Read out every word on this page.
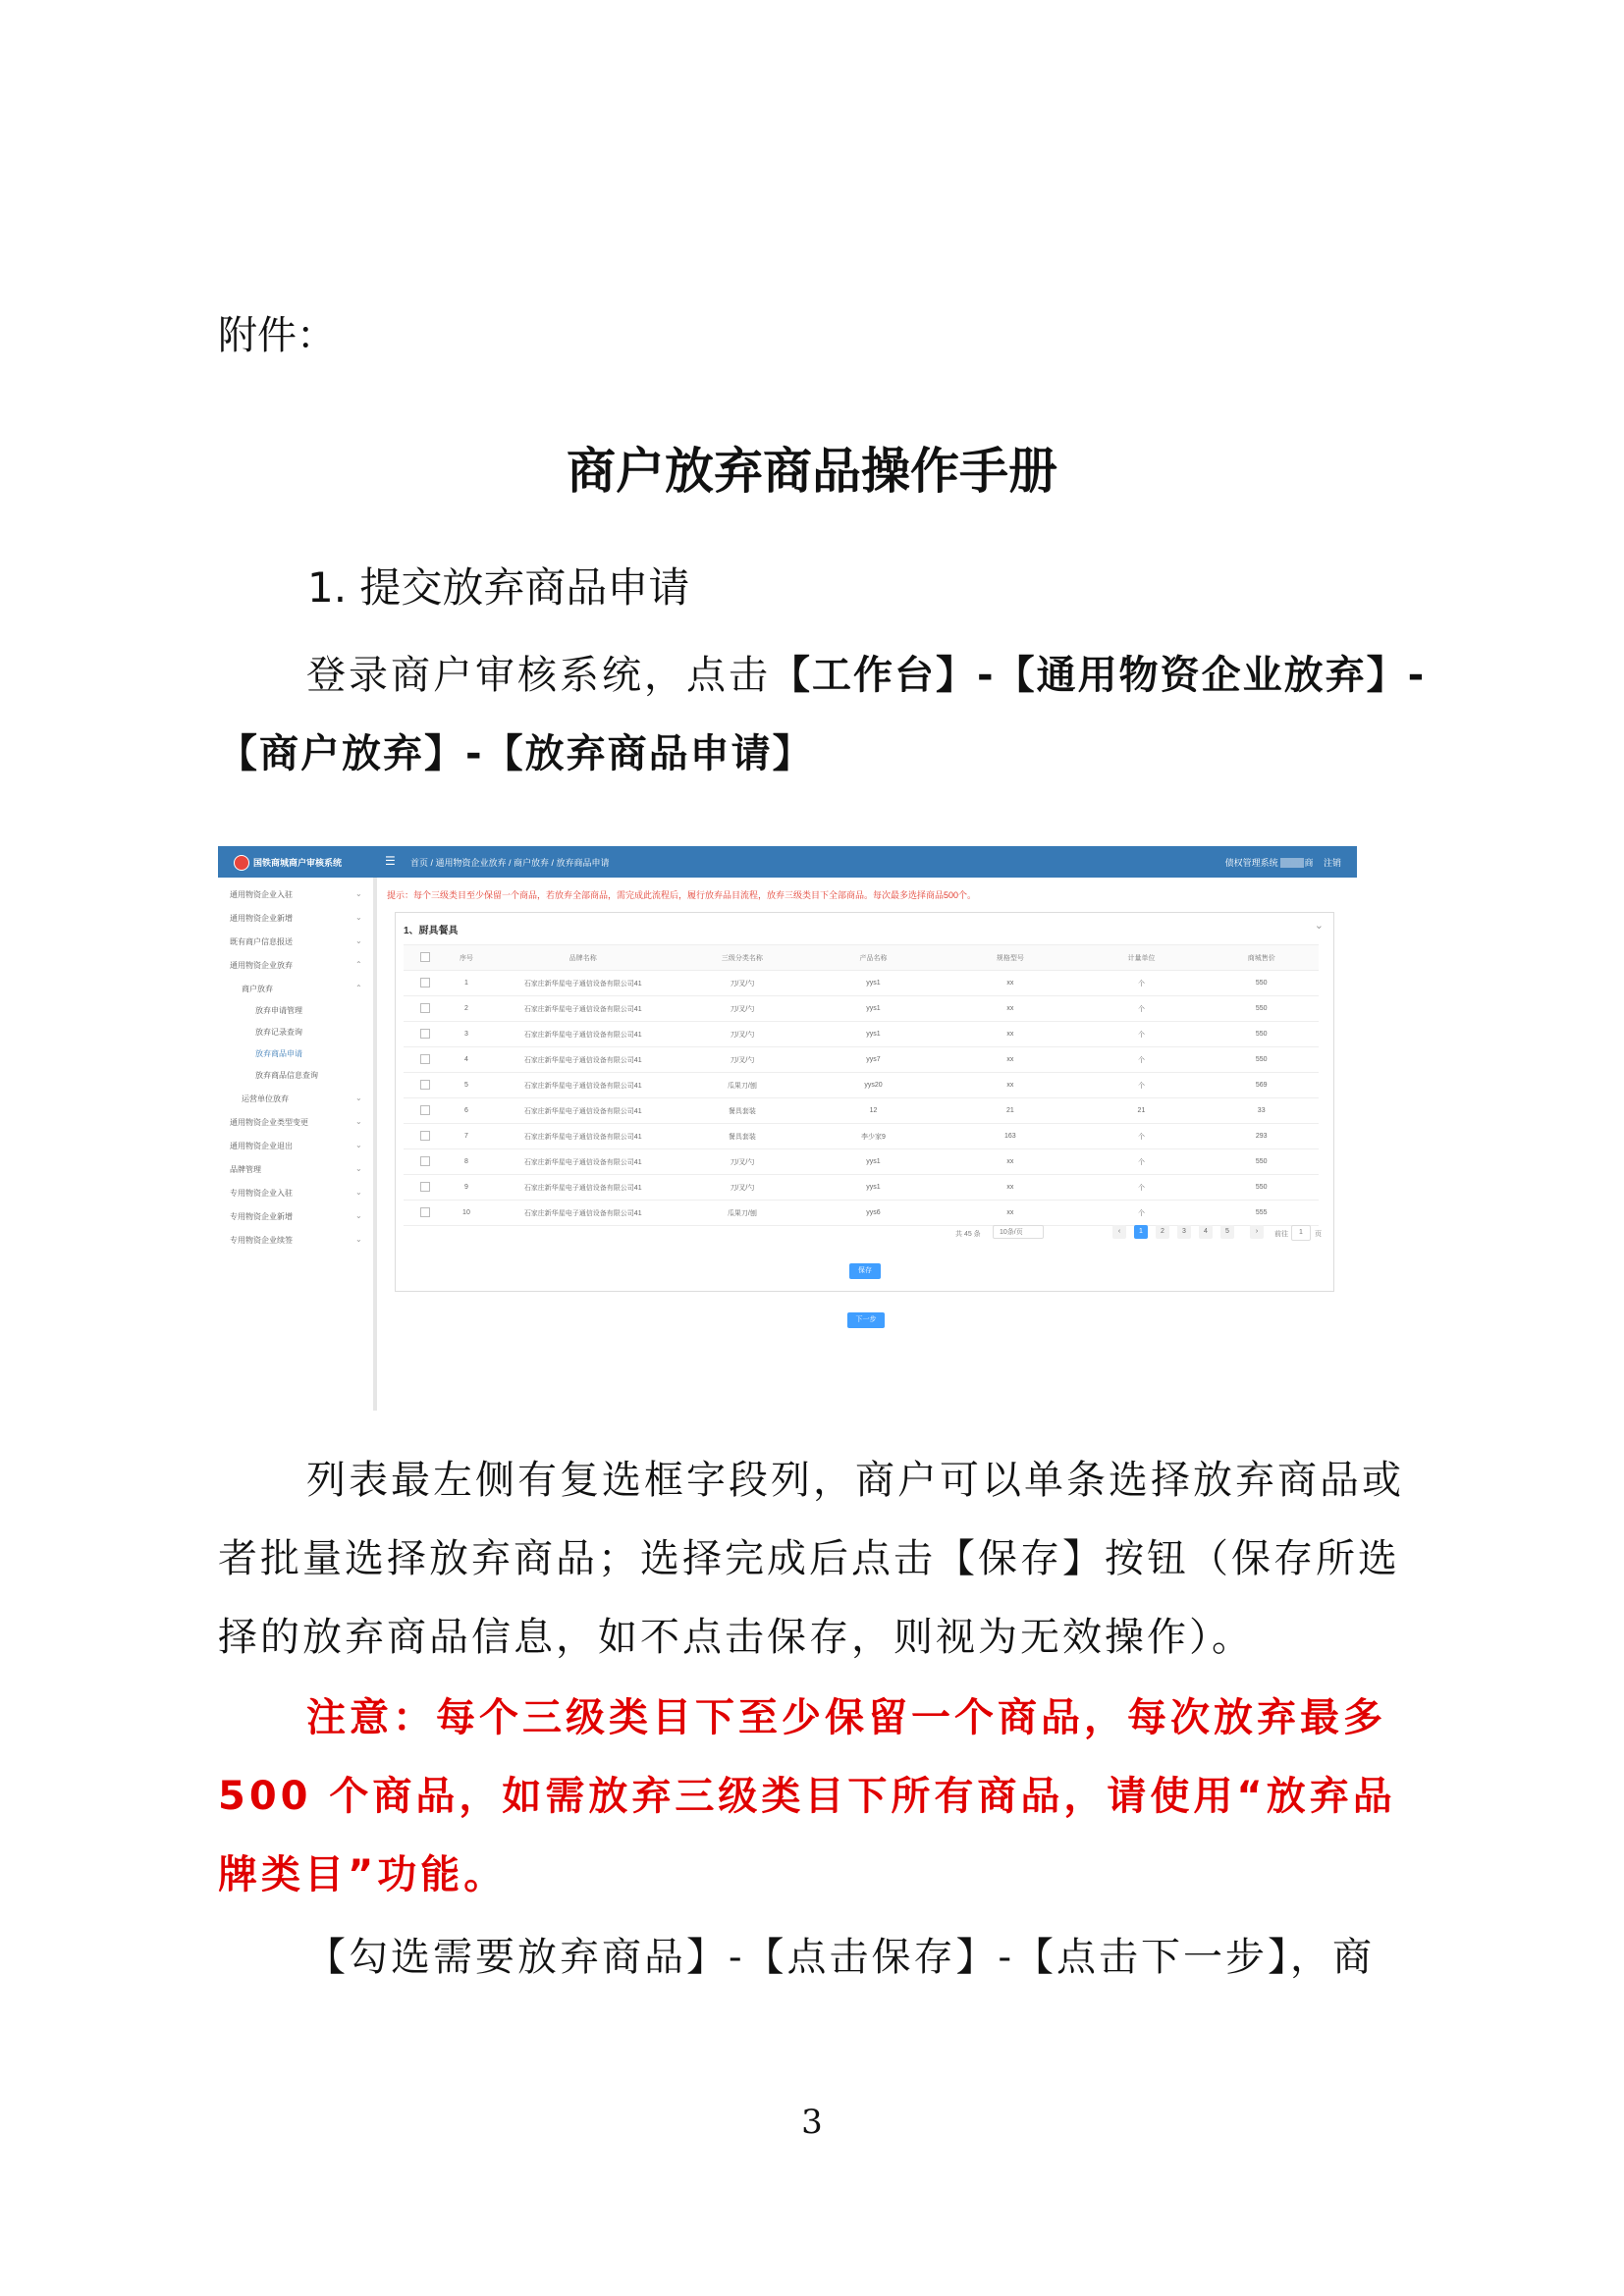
附件：
商户放弃商品操作手册
1. 提交放弃商品申请
登录商户审核系统，点击【工作台】-【通用物资企业放弃】-【商户放弃】-【放弃商品申请】
国铁商城商户审核系统	☰ 首页 / 通用物资企业放弃 / 商户放弃 / 放弃商品申请	债权管理系统 ■■ ■■商 注销
通用物资企业入驻	⌄
通用物资企业新增	⌄
既有商户信息报送	⌄
通用物资企业放弃	⌃
商户放弃	⌃
放弃申请管理
放弃记录查询
放弃商品申请
放弃商品信息查询
运营单位放弃	⌄
通用物资企业类型变更	⌄
通用物资企业退出	⌄
品牌管理	⌄
专用物资企业入驻	⌄
专用物资企业新增	⌄
专用物资企业续签	⌄
提示：每个三级类目至少保留一个商品，若放弃全部商品，需完成此流程后，履行放弃品目流程，放弃三级类目下全部商品。每次最多选择商品500个。
1、厨具餐具	⌄
	序号	品牌名称	三级分类名称	产品名称	规格型号	计量单位	商城售价
	1	石家庄新华星电子通信设备有限公司41	刀/叉/勺	yys1	xx	个	550
	2	石家庄新华星电子通信设备有限公司41	刀/叉/勺	yys1	xx	个	550
	3	石家庄新华星电子通信设备有限公司41	刀/叉/勺	yys1	xx	个	550
	4	石家庄新华星电子通信设备有限公司41	刀/叉/勺	yys7	xx	个	550
	5	石家庄新华星电子通信设备有限公司41	瓜果刀/刨	yys20	xx	个	569
	6	石家庄新华星电子通信设备有限公司41	餐具套装	12	21	21	33
	7	石家庄新华星电子通信设备有限公司41	餐具套装	李少家9	163	个	293
	8	石家庄新华星电子通信设备有限公司41	刀/叉/勺	yys1	xx	个	550
	9	石家庄新华星电子通信设备有限公司41	刀/叉/勺	yys1	xx	个	550
	10	石家庄新华星电子通信设备有限公司41	瓜果刀/刨	yys6	xx	个	555
共 45 条	10条/页	‹	1	2	3	4	5	›	前往	1	页
保存
下一步
列表最左侧有复选框字段列，商户可以单条选择放弃商品或者批量选择放弃商品；选择完成后点击【保存】按钮（保存所选择的放弃商品信息，如不点击保存，则视为无效操作）。
注意：每个三级类目下至少保留一个商品，每次放弃最多500 个商品，如需放弃三级类目下所有商品，请使用“放弃品牌类目”功能。
【勾选需要放弃商品】-【点击保存】-【点击下一步】，商
3
